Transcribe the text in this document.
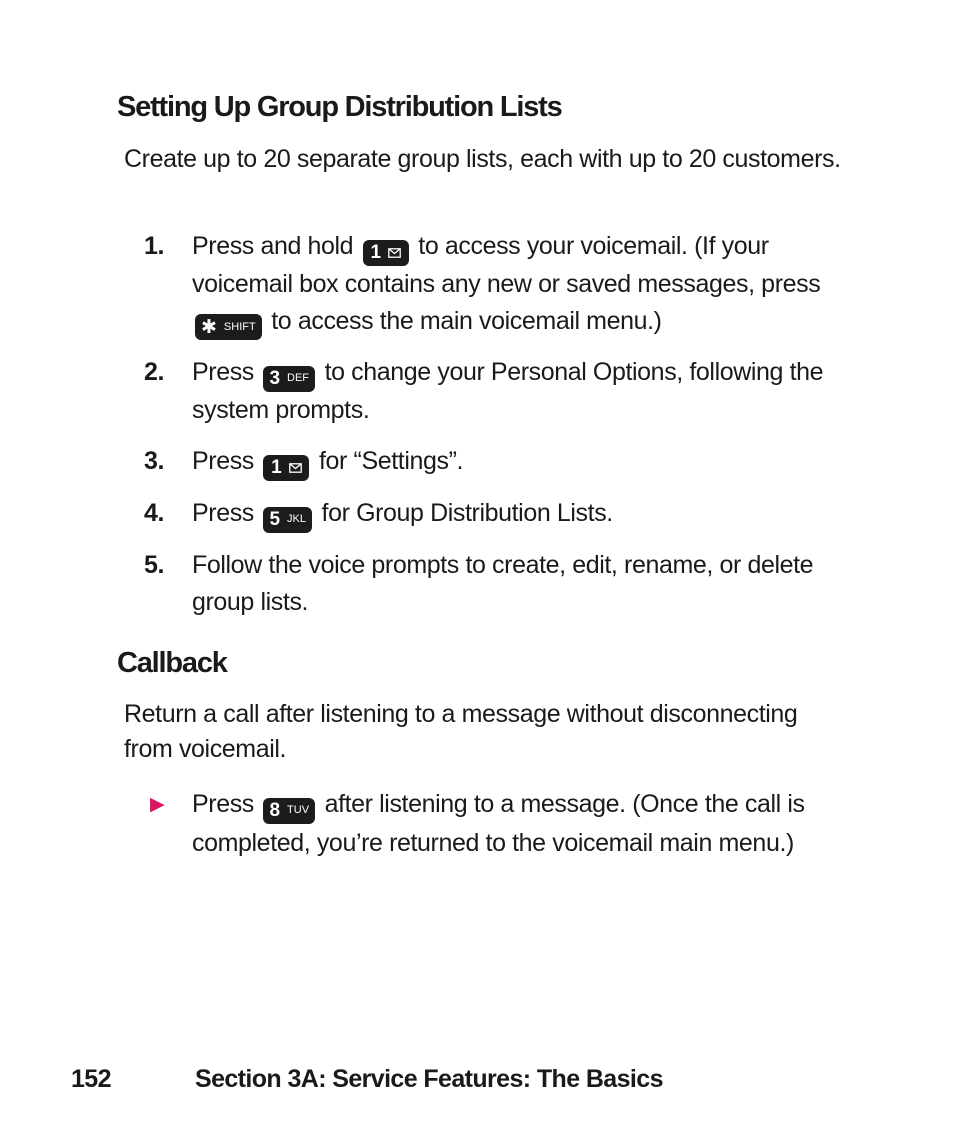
Setting Up Group Distribution Lists

Create up to 20 separate group lists, each with up to 20 customers.

1.	Press and hold 1 to access your voicemail. (If your voicemail box contains any new or saved messages, press
✱ SHIFT to access the main voicemail menu.)
2.	Press 3 DEF to change your Personal Options, following the system prompts.
3.	Press 1 for “Settings”.
4.	Press 5 JKL for Group Distribution Lists.
5.	Follow the voice prompts to create, edit, rename, or delete group lists.
Callback

Return a call after listening to a message without disconnecting from voicemail.

▶ Press 8 TUV after listening to a message. (Once the call is completed, you’re returned to the voicemail main menu.)
152	Section 3A: Service Features: The Basics
